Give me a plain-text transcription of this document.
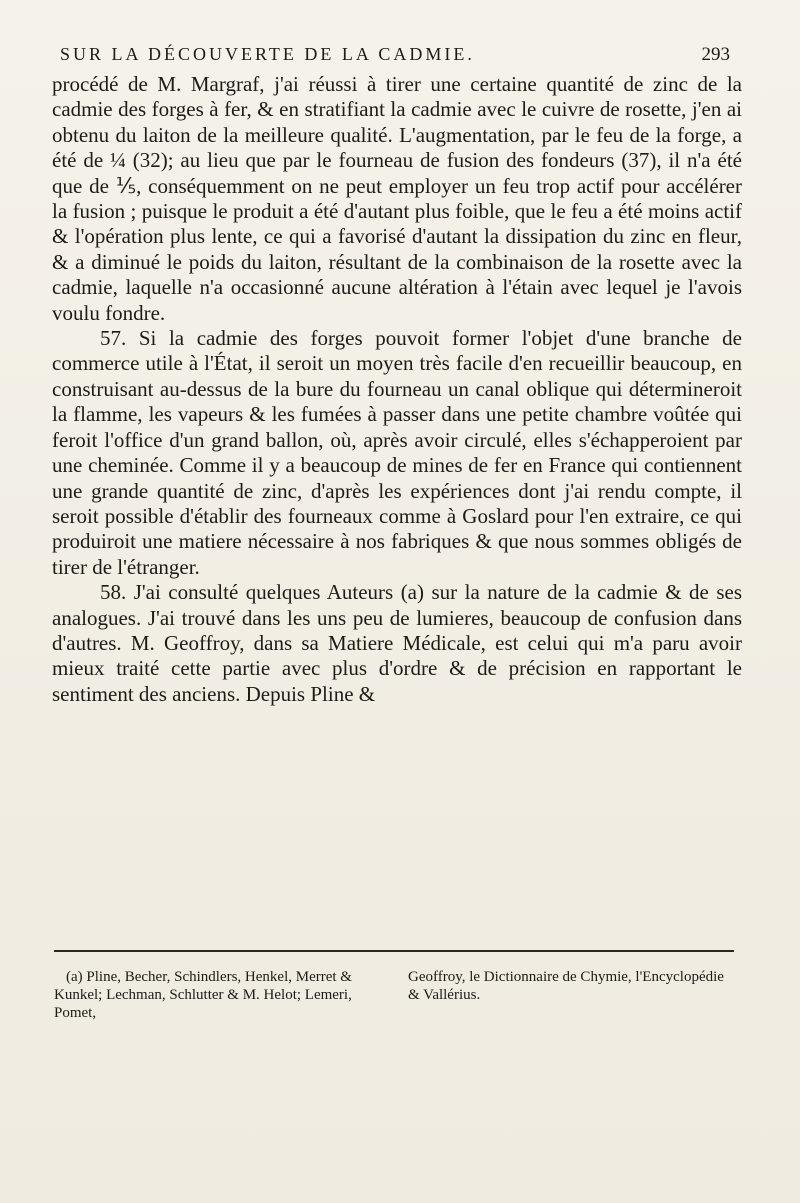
SUR LA DÉCOUVERTE DE LA CADMIE.	293

procédé de M. Margraf, j'ai réussi à tirer une certaine quantité de zinc de la cadmie des forges à fer, & en stratifiant la cadmie avec le cuivre de rosette, j'en ai obtenu du laiton de la meilleure qualité. L'augmentation, par le feu de la forge, a été de ¼ (32); au lieu que par le fourneau de fusion des fondeurs (37), il n'a été que de ⅕, conséquemment on ne peut employer un feu trop actif pour accélérer la fusion ; puisque le produit a été d'autant plus foible, que le feu a été moins actif & l'opération plus lente, ce qui a favorisé d'autant la dissipation du zinc en fleur, & a diminué le poids du laiton, résultant de la combinaison de la rosette avec la cadmie, laquelle n'a occasionné aucune altération à l'étain avec lequel je l'avois voulu fondre.

57. Si la cadmie des forges pouvoit former l'objet d'une branche de commerce utile à l'État, il seroit un moyen très facile d'en recueillir beaucoup, en construisant au-dessus de la bure du fourneau un canal oblique qui détermineroit la flamme, les vapeurs & les fumées à passer dans une petite chambre voûtée qui feroit l'office d'un grand ballon, où, après avoir circulé, elles s'échapperoient par une cheminée. Comme il y a beaucoup de mines de fer en France qui contiennent une grande quantité de zinc, d'après les expériences dont j'ai rendu compte, il seroit possible d'établir des fourneaux comme à Goslard pour l'en extraire, ce qui produiroit une matiere nécessaire à nos fabriques & que nous sommes obligés de tirer de l'étranger.

58. J'ai consulté quelques Auteurs (a) sur la nature de la cadmie & de ses analogues. J'ai trouvé dans les uns peu de lumieres, beaucoup de confusion dans d'autres. M. Geoffroy, dans sa Matiere Médicale, est celui qui m'a paru avoir mieux traité cette partie avec plus d'ordre & de précision en rapportant le sentiment des anciens. Depuis Pline &

(a) Pline, Becher, Schindlers, Henkel, Merret & Kunkel; Lechman, Schlutter & M. Helot; Lemeri, Pomet,

Geoffroy, le Dictionnaire de Chymie, l'Encyclopédie & Vallérius.
